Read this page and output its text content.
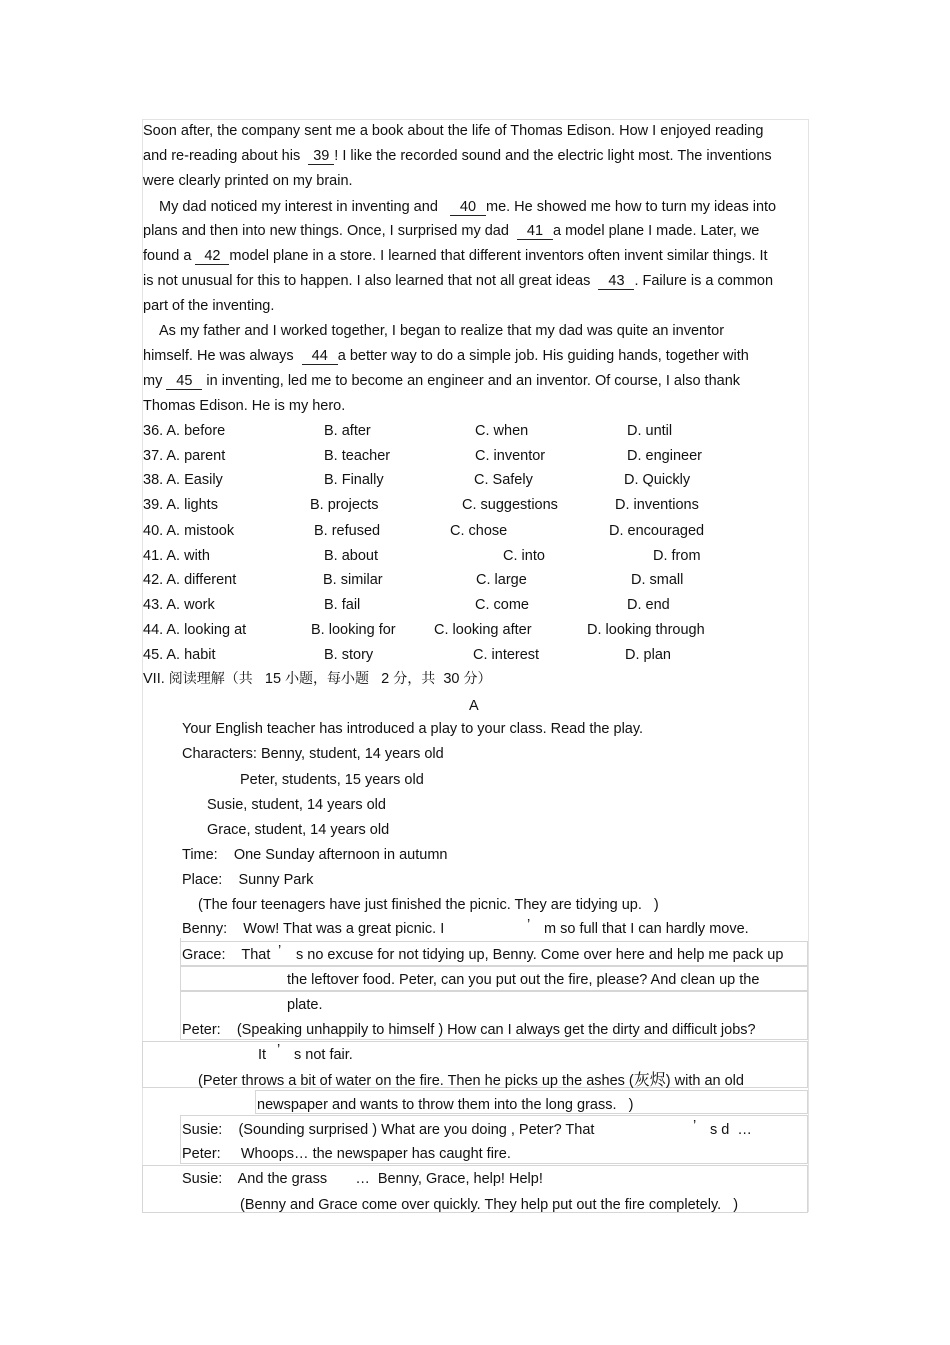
Soon after, the company sent me a book about the life of Thomas Edison. How I enjoyed reading
and re-reading about his 39 ! I like the recorded sound and the electric light most. The inventions
were clearly printed on my brain.
My dad noticed my interest in inventing and 40 me. He showed me how to turn my ideas into
plans and then into new things. Once, I surprised my dad 41 a model plane I made. Later, we
found a 42 model plane in a store. I learned that different inventors often invent similar things. It
is not unusual for this to happen. I also learned that not all great ideas 43 . Failure is a common
part of the inventing.
As my father and I worked together, I began to realize that my dad was quite an inventor
himself. He was always 44 a better way to do a simple job. His guiding hands, together with
my 45 in inventing, led me to become an engineer and an inventor. Of course, I also thank
Thomas Edison. He is my hero.
36. A. before	B. after	C. when	D. until
37. A. parent	B. teacher	C. inventor	D. engineer
38. A. Easily	B. Finally	C. Safely	D. Quickly
39. A. lights	B. projects	C. suggestions	D. inventions
40. A. mistook	B. refused	C. chose	D. encouraged
41. A. with	B. about	C. into	D. from
42. A. different	B. similar	C. large	D. small
43. A. work	B. fail	C. come	D. end
44. A. looking at	B. looking for	C. looking after	D. looking through
45. A. habit	B. story	C. interest	D. plan
VII. 阅读理解（共 15 小题，每小题 2 分，共 30 分）
A
Your English teacher has introduced a play to your class. Read the play.
Characters: Benny, student, 14 years old
Peter, students, 15 years old
Susie, student, 14 years old
Grace, student, 14 years old
Time: One Sunday afternoon in autumn
Place: Sunny Park
(The four teenagers have just finished the picnic. They are tidying up.   )
Benny: Wow! That was a great picnic. I	’ m so full that I can hardly move.
Grace: That ’ s no excuse for not tidying up, Benny. Come over here and help me pack up
the leftover food. Peter, can you put out the fire, please? And clean up the
plate.
Peter: (Speaking unhappily to himself ) How can I always get the dirty and difficult jobs?
It ’ s not fair.
(Peter throws a bit of water on the fire. Then he picks up the ashes (灰烬) with an old
newspaper and wants to throw them into the long grass.   )
Susie: (Sounding surprised ) What are you doing , Peter? That	’ s d  …
Peter: Whoops… the newspaper has caught fire.
Susie: And the grass …  Benny, Grace, help! Help!
(Benny and Grace come over quickly. They help put out the fire completely.   )
